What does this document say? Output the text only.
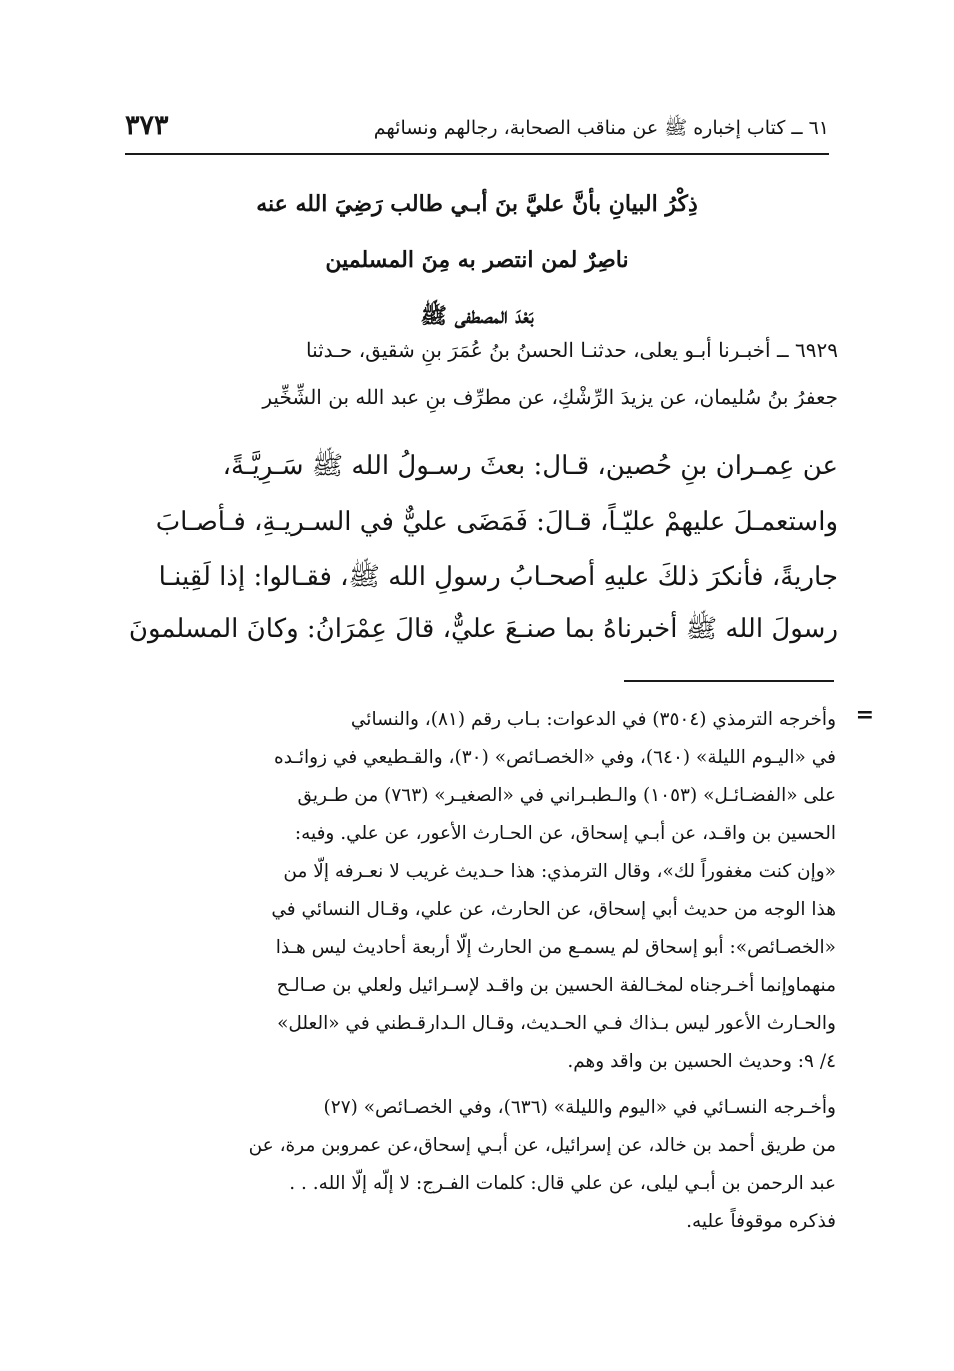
٣٧٣	٦١ ــ كتاب إخباره ﷺ عن مناقب الصحابة، رجالهم ونسائهم
ذِكْرُ البيانِ بأنَّ عليَّ بنَ أبـي طالب رَضِيَ الله عنه
ناصِرٌ لمن انتصر به مِنَ المسلمين
بَعْدَ المصطفى ﷺ
٦٩٢٩ ــ أخبـرنا أبـو يعلى، حدثنـا الحسنُ بنُ عُمَرَ بنِ شقيق، حـدثنا
جعفرُ بنُ سُليمان، عن يزيدَ الرِّشْكِ، عن مطرِّف بنِ عبد الله بن الشِّخِّير
عن عِمـران بنِ حُصين، قـال: بعثَ رسـولُ الله ﷺ سَـرِيَّـةً،
واستعمـلَ عليهمْ عليّـاً، قـالَ: فَمَضَى عليٌّ في السـريـةِ، فـأصـابَ
جاريةً، فأنكرَ ذلكَ عليهِ أصحـابُ رسولِ الله ﷺ، فقـالوا: إذا لَقِينـا
رسولَ الله ﷺ أخبرناهُ بما صنـعَ عليٌّ، قالَ عِمْرَانُ: وكانَ المسلمونَ
=
وأخرجه الترمذي (٣٥٠٤) في الدعوات: بـاب رقم (٨١)، والنسائي
في «اليـوم الليلة» (٦٤٠)، وفي «الخصـائص» (٣٠)، والقـطيعي في زوائـده
على «الفضـائـل» (١٠٥٣) والـطبـراني في «الصغيـر» (٧٦٣) من طـريق
الحسين بن واقـد، عن أبـي إسحاق، عن الحـارث الأعور، عن علي. وفيه:
«وإن كنت مغفوراً لك»، وقال الترمذي: هذا حـديث غريب لا نعـرفه إلّا من
هذا الوجه من حديث أبي إسحاق، عن الحارث، عن علي، وقـال النسائي في
«الخصـائص»: أبو إسحاق لم يسمـع من الحارث إلّا أربعة أحاديث ليس هـذا
منهماوإنما أخـرجناه لمخـالفة الحسين بن واقـد لإسـرائيل ولعلي بن صـالـح
والحـارث الأعور ليس بـذاك فـي الحـديث، وقـال الـدارقـطني في «العلل»
٤/ ٩: وحديث الحسين بن واقد وهم.
وأخـرجه النسـائي في «اليوم والليلة» (٦٣٦)، وفي الخصـائص» (٢٧)
من طريق أحمد بن خالد، عن إسرائيل، عن أبـي إسحاق،عن عمروبن مرة، عن
عبد الرحمن بن أبـي ليلى، عن علي قال: كلمات الفـرج: لا إلّه إلّا الله. . .
فذكره موقوفاً عليه.
